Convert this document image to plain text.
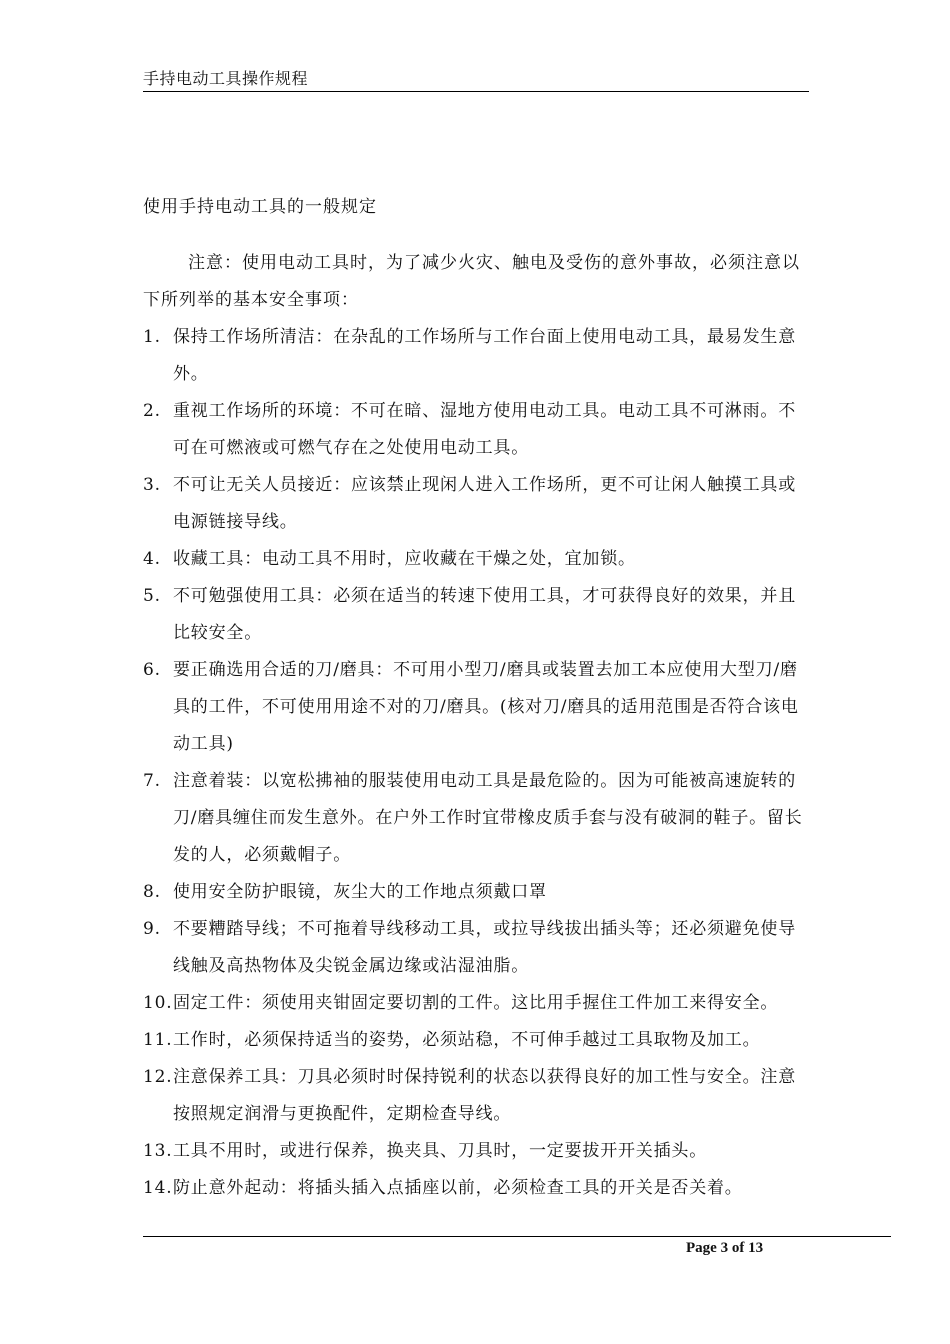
手持电动工具操作规程
使用手持电动工具的一般规定
注意：使用电动工具时，为了减少火灾、触电及受伤的意外事故，必须注意以下所列举的基本安全事项：
1. 保持工作场所清洁：在杂乱的工作场所与工作台面上使用电动工具，最易发生意外。
2. 重视工作场所的环境：不可在暗、湿地方使用电动工具。电动工具不可淋雨。不可在可燃液或可燃气存在之处使用电动工具。
3. 不可让无关人员接近：应该禁止现闲人进入工作场所，更不可让闲人触摸工具或电源链接导线。
4. 收藏工具：电动工具不用时，应收藏在干燥之处，宜加锁。
5. 不可勉强使用工具：必须在适当的转速下使用工具，才可获得良好的效果，并且比较安全。
6. 要正确选用合适的刀/磨具：不可用小型刀/磨具或装置去加工本应使用大型刀/磨具的工件，不可使用用途不对的刀/磨具。(核对刀/磨具的适用范围是否符合该电动工具)
7. 注意着装：以宽松拂袖的服装使用电动工具是最危险的。因为可能被高速旋转的刀/磨具缠住而发生意外。在户外工作时宜带橡皮质手套与没有破洞的鞋子。留长发的人，必须戴帽子。
8. 使用安全防护眼镜，灰尘大的工作地点须戴口罩
9. 不要糟踏导线；不可拖着导线移动工具，或拉导线拔出插头等；还必须避免使导线触及高热物体及尖锐金属边缘或沾湿油脂。
10. 固定工件：须使用夹钳固定要切割的工件。这比用手握住工件加工来得安全。
11. 工作时，必须保持适当的姿势，必须站稳，不可伸手越过工具取物及加工。
12. 注意保养工具：刀具必须时时保持锐利的状态以获得良好的加工性与安全。注意按照规定润滑与更换配件，定期检查导线。
13. 工具不用时，或进行保养，换夹具、刀具时，一定要拔开开关插头。
14. 防止意外起动：将插头插入点插座以前，必须检查工具的开关是否关着。
Page 3 of 13
